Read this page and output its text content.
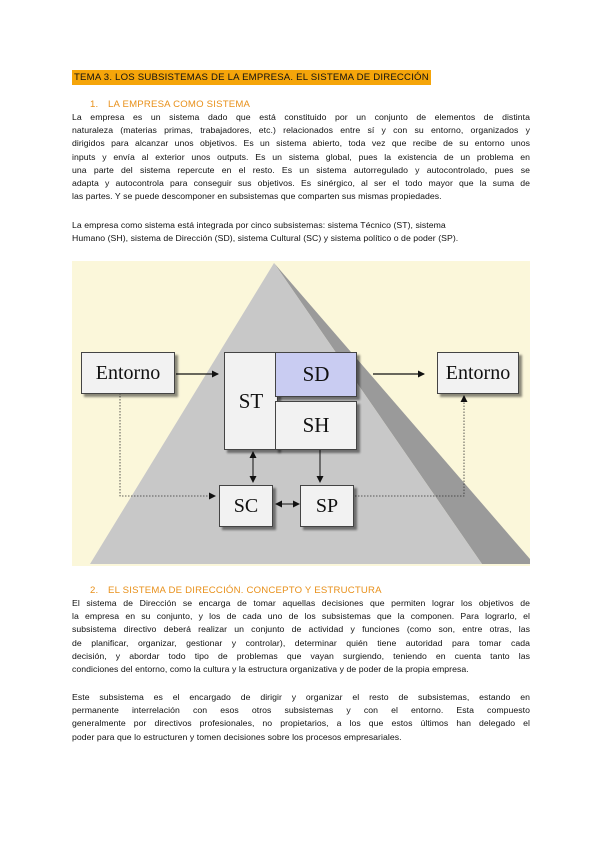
TEMA 3. LOS SUBSISTEMAS DE LA EMPRESA. EL SISTEMA DE DIRECCIÓN
1. LA EMPRESA COMO SISTEMA
La empresa es un sistema dado que está constituido por un conjunto de elementos de distinta
naturaleza (materias primas, trabajadores, etc.) relacionados entre sí y con su entorno, organizados y
dirigidos para alcanzar unos objetivos. Es un sistema abierto, toda vez que recibe de su entorno unos
inputs y envía al exterior unos outputs. Es un sistema global, pues la existencia de un problema en
una parte del sistema repercute en el resto. Es un sistema autorregulado y autocontrolado, pues se
adapta y autocontrola para conseguir sus objetivos. Es sinérgico, al ser el todo mayor que la suma de
las partes. Y se puede descomponer en subsistemas que comparten sus mismas propiedades.
La empresa como sistema está integrada por cinco subsistemas: sistema Técnico (ST), sistema
Humano (SH), sistema de Dirección (SD), sistema Cultural (SC) y sistema político o de poder (SP).
Entorno
ST
SD
SH
Entorno
SC	SP
2. EL SISTEMA DE DIRECCIÓN. CONCEPTO Y ESTRUCTURA
El sistema de Dirección se encarga de tomar aquellas decisiones que permiten lograr los objetivos de
la empresa en su conjunto, y los de cada uno de los subsistemas que la componen. Para lograrlo, el
subsistema directivo deberá realizar un conjunto de actividad y funciones (como son, entre otras, las
de planificar, organizar, gestionar y controlar), determinar quién tiene autoridad para tomar cada
decisión, y abordar todo tipo de problemas que vayan surgiendo, teniendo en cuenta tanto las
condiciones del entorno, como la cultura y la estructura organizativa y de poder de la propia empresa.
Este subsistema es el encargado de dirigir y organizar el resto de subsistemas, estando en
permanente interrelación con esos otros subsistemas y con el entorno. Esta compuesto
generalmente por directivos profesionales, no propietarios, a los que estos últimos han delegado el
poder para que lo estructuren y tomen decisiones sobre los procesos empresariales.
